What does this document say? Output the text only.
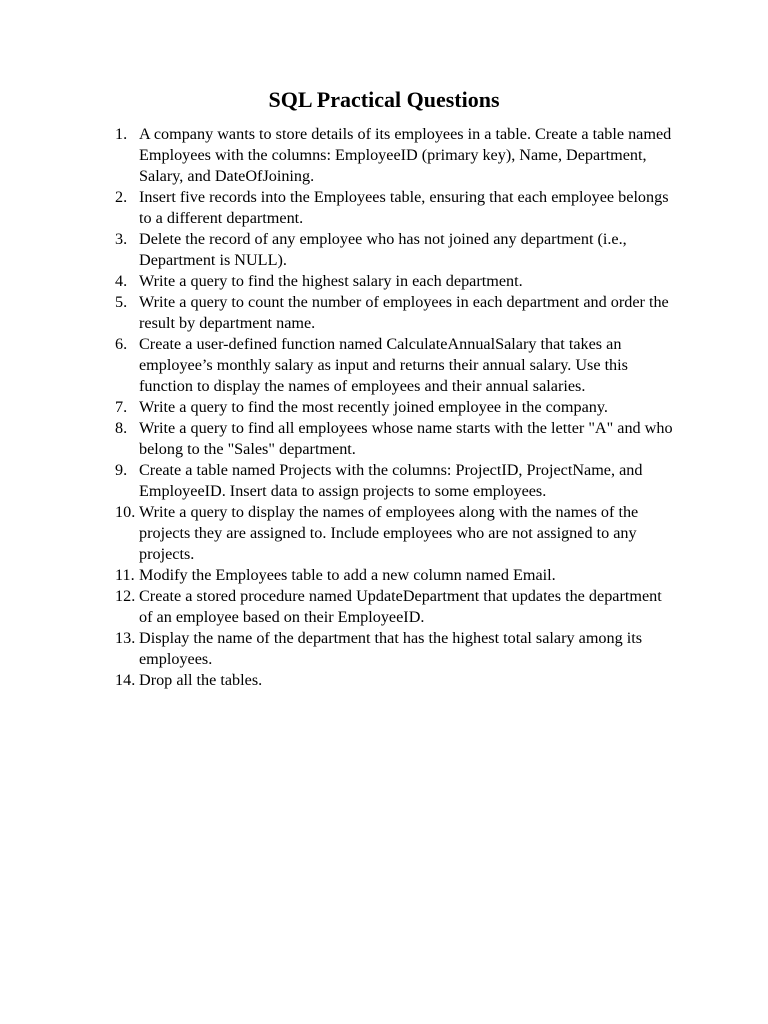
SQL Practical Questions
1. A company wants to store details of its employees in a table. Create a table named Employees with the columns: EmployeeID (primary key), Name, Department, Salary, and DateOfJoining.
2. Insert five records into the Employees table, ensuring that each employee belongs to a different department.
3. Delete the record of any employee who has not joined any department (i.e., Department is NULL).
4. Write a query to find the highest salary in each department.
5. Write a query to count the number of employees in each department and order the result by department name.
6. Create a user-defined function named CalculateAnnualSalary that takes an employee’s monthly salary as input and returns their annual salary. Use this function to display the names of employees and their annual salaries.
7. Write a query to find the most recently joined employee in the company.
8. Write a query to find all employees whose name starts with the letter "A" and who belong to the "Sales" department.
9. Create a table named Projects with the columns: ProjectID, ProjectName, and EmployeeID. Insert data to assign projects to some employees.
10. Write a query to display the names of employees along with the names of the projects they are assigned to. Include employees who are not assigned to any projects.
11. Modify the Employees table to add a new column named Email.
12. Create a stored procedure named UpdateDepartment that updates the department of an employee based on their EmployeeID.
13. Display the name of the department that has the highest total salary among its employees.
14. Drop all the tables.
